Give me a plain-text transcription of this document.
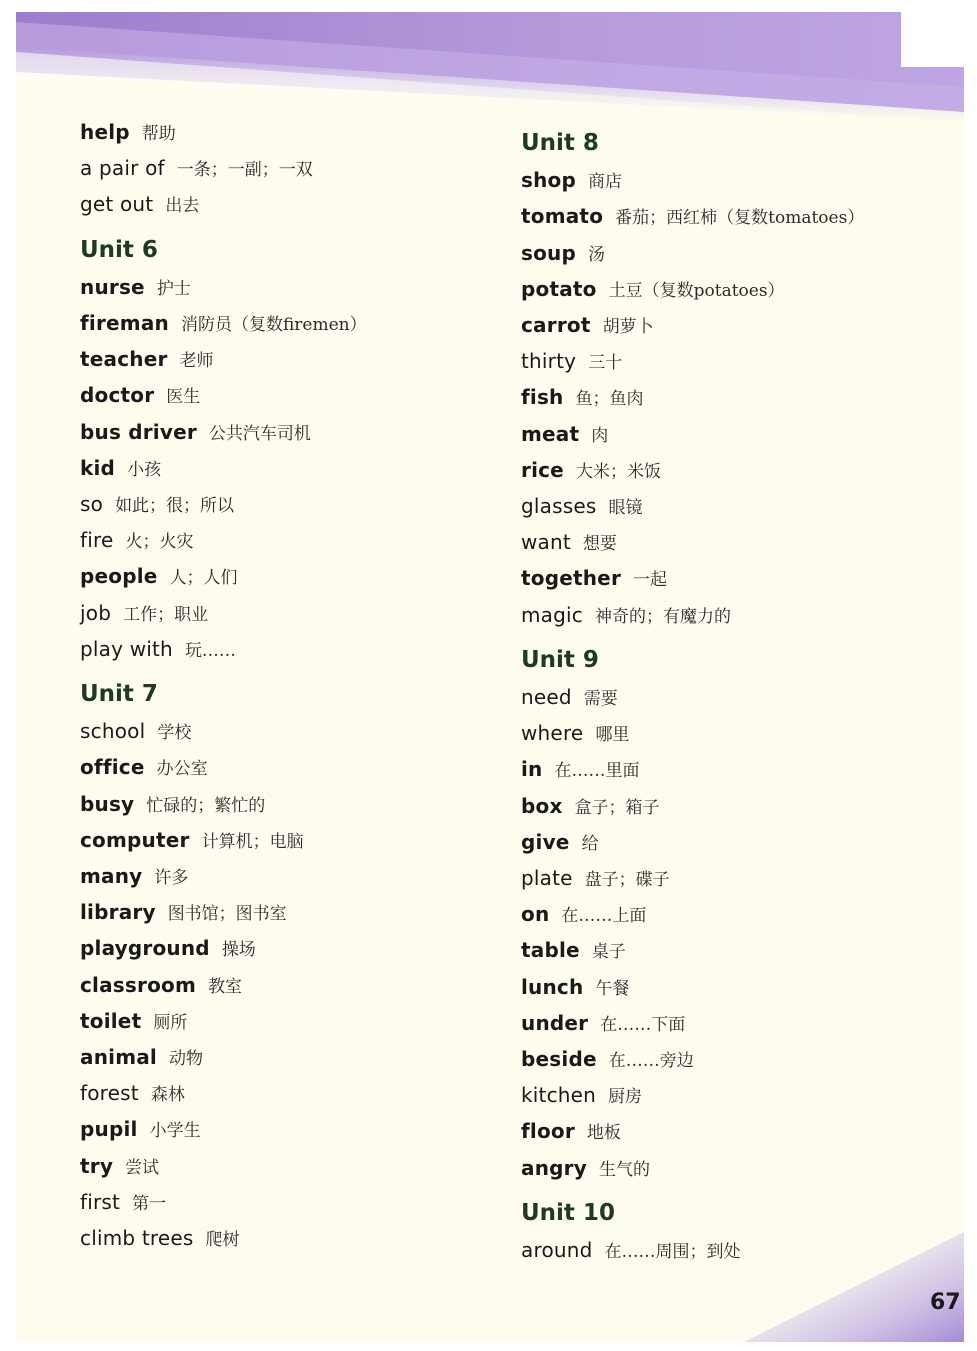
help 帮助
a pair of 一条；一副；一双
get out 出去
Unit 6
nurse 护士
fireman 消防员（复数firemen）
teacher 老师
doctor 医生
bus driver 公共汽车司机
kid 小孩
so 如此；很；所以
fire 火；火灾
people 人；人们
job 工作；职业
play with 玩……
Unit 7
school 学校
office 办公室
busy 忙碌的；繁忙的
computer 计算机；电脑
many 许多
library 图书馆；图书室
playground 操场
classroom 教室
toilet 厕所
animal 动物
forest 森林
pupil 小学生
try 尝试
first 第一
climb trees 爬树
Unit 8
shop 商店
tomato 番茄；西红柿（复数tomatoes）
soup 汤
potato 土豆（复数potatoes）
carrot 胡萝卜
thirty 三十
fish 鱼；鱼肉
meat 肉
rice 大米；米饭
glasses 眼镜
want 想要
together 一起
magic 神奇的；有魔力的
Unit 9
need 需要
where 哪里
in 在……里面
box 盒子；箱子
give 给
plate 盘子；碟子
on 在……上面
table 桌子
lunch 午餐
under 在……下面
beside 在……旁边
kitchen 厨房
floor 地板
angry 生气的
Unit 10
around 在……周围；到处
67
